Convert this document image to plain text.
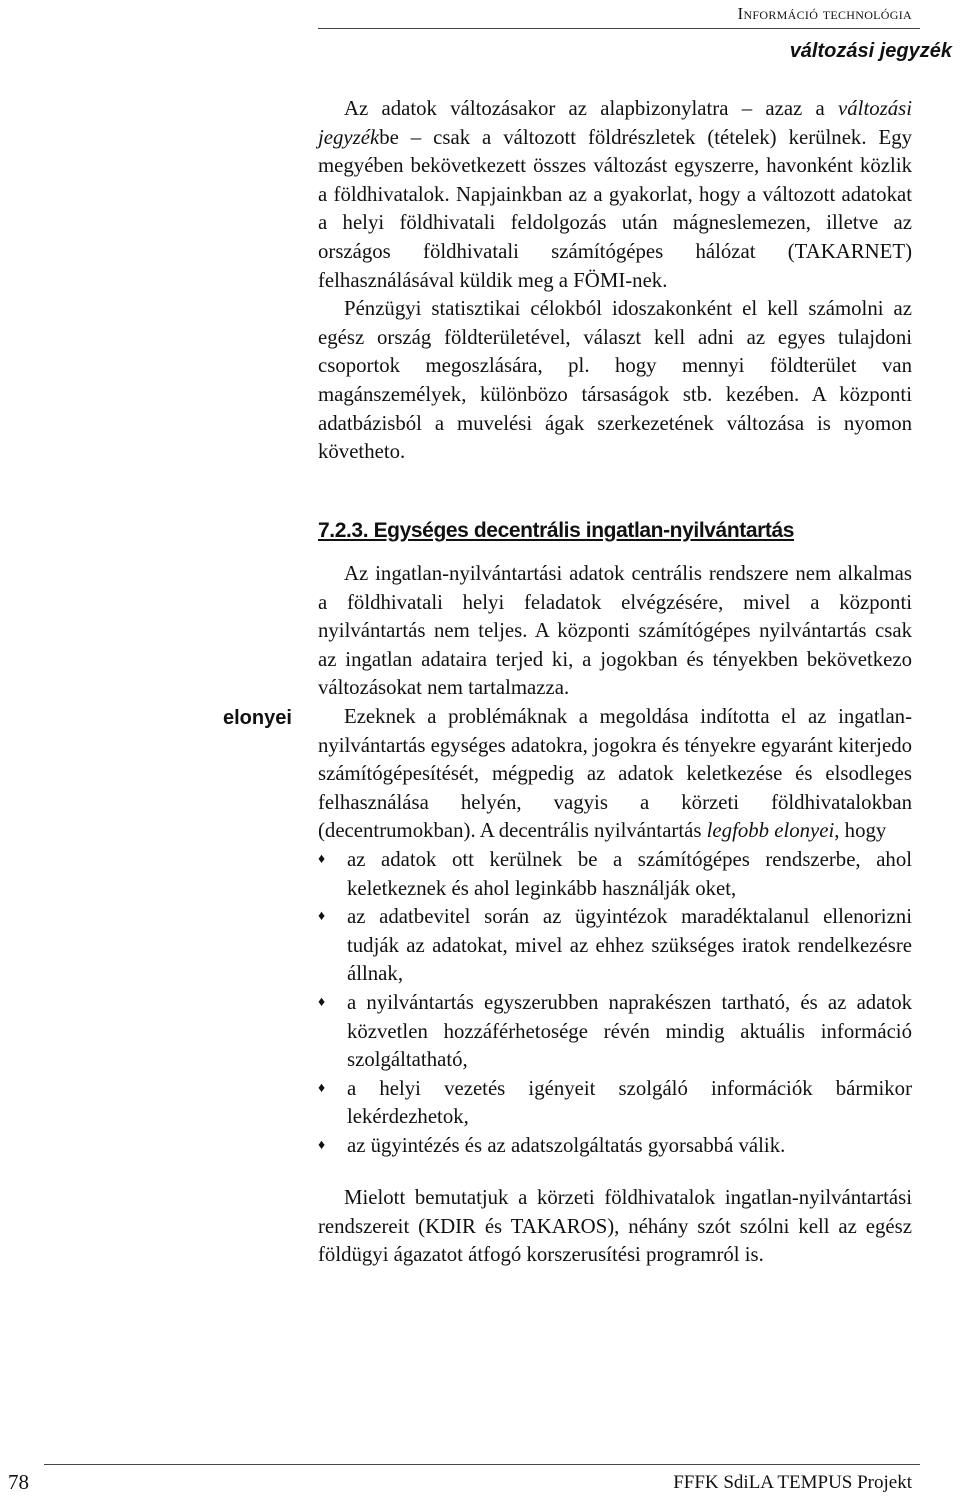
Információ technológia
változási jegyzék

Az adatok változásakor az alapbizonylatra – azaz a változási jegyzékbe – csak a változott földrészletek (tételek) kerülnek. Egy megyében bekövetkezett összes változást egyszerre, havonként közlik a földhivatalok. Napjainkban az a gyakorlat, hogy a változott adatokat a helyi földhivatali feldolgozás után mágneslemezen, illetve az országos földhivatali számítógépes hálózat (TAKARNET) felhasználásával küldik meg a FÖMI-nek.

Pénzügyi statisztikai célokból idoszakonként el kell számolni az egész ország földterületével, választ kell adni az egyes tulajdoni csoportok megoszlására, pl. hogy mennyi földterület van magánszemélyek, különbözo társaságok stb. kezében. A központi adatbázisból a muvelési ágak szerkezetének változása is nyomon követheto.

7.2.3. Egységes decentrális ingatlan-nyilvántartás
elonyei

Az ingatlan-nyilvántartási adatok centrális rendszere nem alkalmas a földhivatali helyi feladatok elvégzésére, mivel a központi nyilvántartás nem teljes. A központi számítógépes nyilvántartás csak az ingatlan adataira terjed ki, a jogokban és tényekben bekövetkezo változásokat nem tartalmazza.

Ezeknek a problémáknak a megoldása indította el az ingatlan-nyilvántartás egységes adatokra, jogokra és tényekre egyaránt kiterjedo számítógépesítését, mégpedig az adatok keletkezése és elsodleges felhasználása helyén, vagyis a körzeti földhivatalokban (decentrumokban). A decentrális nyilvántartás legfobb elonyei, hogy

♦ az adatok ott kerülnek be a számítógépes rendszerbe, ahol keletkeznek és ahol leginkább használják oket,
♦ az adatbevitel során az ügyintézok maradéktalanul ellenorizni tudják az adatokat, mivel az ehhez szükséges iratok rendelkezésre állnak,
♦ a nyilvántartás egyszerubben naprakészen tartható, és az adatok közvetlen hozzáférhetosége révén mindig aktuális információ szolgáltatható,
♦ a helyi vezetés igényeit szolgáló információk bármikor lekérdezhetok,
♦ az ügyintézés és az adatszolgáltatás gyorsabbá válik.

Mielott bemutatjuk a körzeti földhivatalok ingatlan-nyilvántartási rendszereit (KDIR és TAKAROS), néhány szót szólni kell az egész földügyi ágazatot átfogó korszerusítési programról is.

78	FFFK SdiLA TEMPUS Projekt
